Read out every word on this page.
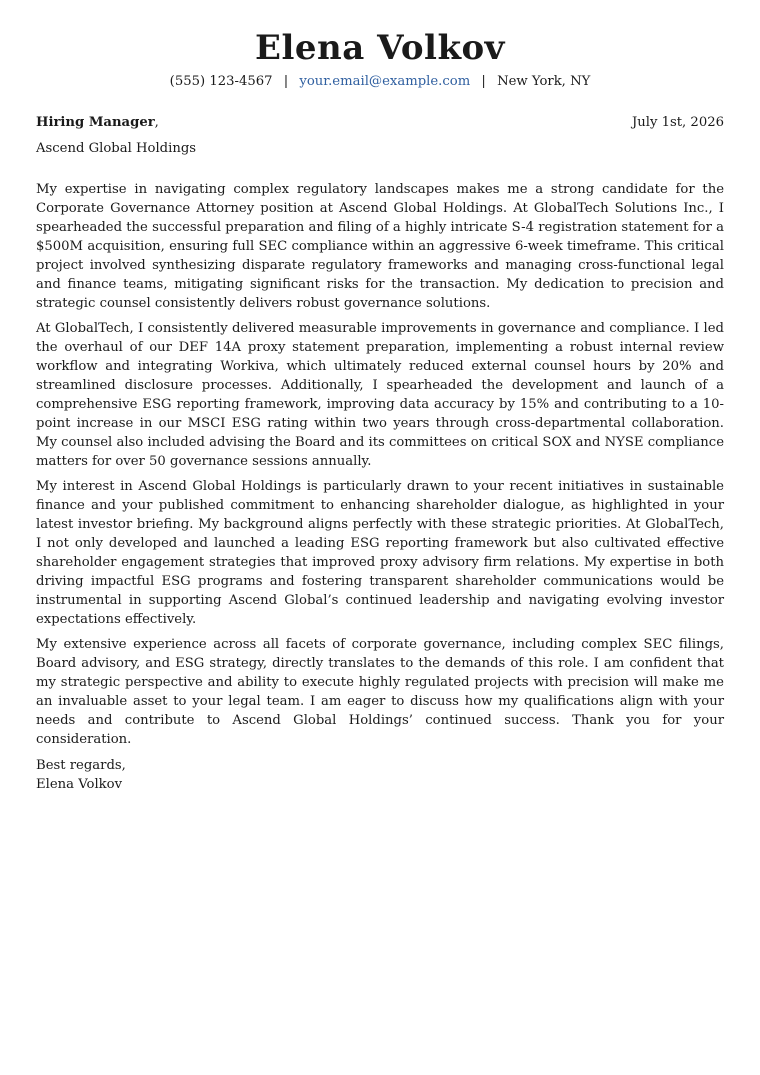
Elena Volkov
(555) 123-4567 | your.email@example.com | New York, NY
Hiring Manager,	July 1st, 2026
Ascend Global Holdings

My expertise in navigating complex regulatory landscapes makes me a strong candidate for the Corporate Governance Attorney position at Ascend Global Holdings. At GlobalTech Solutions Inc., I spearheaded the successful preparation and filing of a highly intricate S-4 registration statement for a $500M acquisition, ensuring full SEC compliance within an aggressive 6-week timeframe. This critical project involved synthesizing disparate regulatory frameworks and managing cross-functional legal and finance teams, mitigating significant risks for the transaction. My dedication to precision and strategic counsel consistently delivers robust governance solutions.

At GlobalTech, I consistently delivered measurable improvements in governance and compliance. I led the overhaul of our DEF 14A proxy statement preparation, implementing a robust internal review workflow and integrating Workiva, which ultimately reduced external counsel hours by 20% and streamlined disclosure processes. Additionally, I spearheaded the development and launch of a comprehensive ESG reporting framework, improving data accuracy by 15% and contributing to a 10-point increase in our MSCI ESG rating within two years through cross-departmental collaboration. My counsel also included advising the Board and its committees on critical SOX and NYSE compliance matters for over 50 governance sessions annually.

My interest in Ascend Global Holdings is particularly drawn to your recent initiatives in sustainable finance and your published commitment to enhancing shareholder dialogue, as highlighted in your latest investor briefing. My background aligns perfectly with these strategic priorities. At GlobalTech, I not only developed and launched a leading ESG reporting framework but also cultivated effective shareholder engagement strategies that improved proxy advisory firm relations. My expertise in both driving impactful ESG programs and fostering transparent shareholder communications would be instrumental in supporting Ascend Global’s continued leadership and navigating evolving investor expectations effectively.

My extensive experience across all facets of corporate governance, including complex SEC filings, Board advisory, and ESG strategy, directly translates to the demands of this role. I am confident that my strategic perspective and ability to execute highly regulated projects with precision will make me an invaluable asset to your legal team. I am eager to discuss how my qualifications align with your needs and contribute to Ascend Global Holdings’ continued success. Thank you for your consideration.

Best regards,
Elena Volkov
